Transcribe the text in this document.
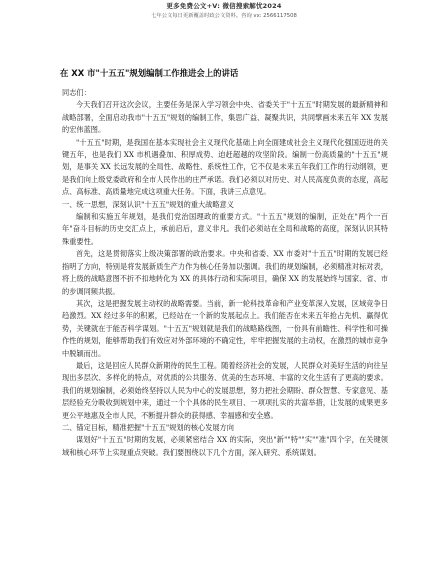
更多免费公文+V: 微信搜索解忧2024
七年公文每日更新覆盖时政公文资料。咨询 vx: 2566117508
在 XX 市"十五五"规划编制工作推进会上的讲话

同志们：

今天我们召开这次会议，主要任务是深入学习领会中央、省委关于"十五五"时期发展的最新精神和战略部署，全面启动我市"十五五"规划的编制工作，集思广益、凝聚共识，共同擘画未来五年 XX 发展的宏伟蓝图。

"十五五"时期，是我国在基本实现社会主义现代化基础上向全面建成社会主义现代化强国迈进的关键五年，也是我们 XX 市机遇叠加、积厚成势、迫赶超越的攻坚阶段。编制一份高质量的"十五五"规划，是事关 XX 长远发展的全局性、战略性、系统性工作，它不仅是未来五年我们工作的行动纲领，更是我们向上级党委政府和全市人民作出的庄严承诺。我们必须以对历史、对人民高度负责的态度，高起点、高标准、高质量地完成这项重大任务。下面，我讲三点意见。

一、统一思想，深刻认识"十五五"规划的重大战略意义

编制和实施五年规划，是我们党治国理政的重要方式。"十五五"规划的编制，正处在"两个一百年"奋斗目标的历史交汇点上，承前启后，意义非凡。我们必须站在全局和战略的高度，深刻认识其特殊重要性。

首先，这是贯彻落实上级决策部署的政治要求。中央和省委、XX 市委对"十五五"时期的发展已经指明了方向，特别是将发展新质生产力作为核心任务加以强调。我们的规划编制，必须精准对标对表，将上级的战略意图不折不扣地转化为 XX 的具体行动和实际项目，确保 XX 的发展始终与国家、省、市的步调同频共振。

其次，这是把握发展主动权的战略需要。当前，新一轮科技革命和产业变革深入发展，区域竞争日趋激烈。XX 经过多年的积累，已经站在一个新的发展起点上。我们能否在未来五年抢占先机、赢得优势，关键就在于能否科学谋划。"十五五"规划就是我们的战略路线图，一份具有前瞻性、科学性和可操作性的规划，能够帮助我们有效应对外部环境的不确定性，牢牢把握发展的主动权，在激烈的城市竞争中脱颖而出。

最后，这是回应人民群众新期待的民生工程。随着经济社会的发展，人民群众对美好生活的向往呈现出多层次、多样化的特点，对优质的公共服务、优美的生态环境、丰富的文化生活有了更高的要求。我们的规划编制，必须始终坚持以人民为中心的发展思想，努力把社会期盼、群众智慧、专家意见、基层经验充分吸收到规划中来，通过一个个具体的民生项目、一项项扎实的共富举措，让发展的成果更多更公平地惠及全市人民，不断提升群众的获得感、幸福感和安全感。

二、锚定目标，精准把握"十五五"规划的核心发展方向

谋划好"十五五"时期的发展，必须紧密结合 XX 的实际，突出"新""特""实""准"四个字，在关键领域和核心环节上实现重点突破。我们要围绕以下几个方面，深入研究、系统谋划。
